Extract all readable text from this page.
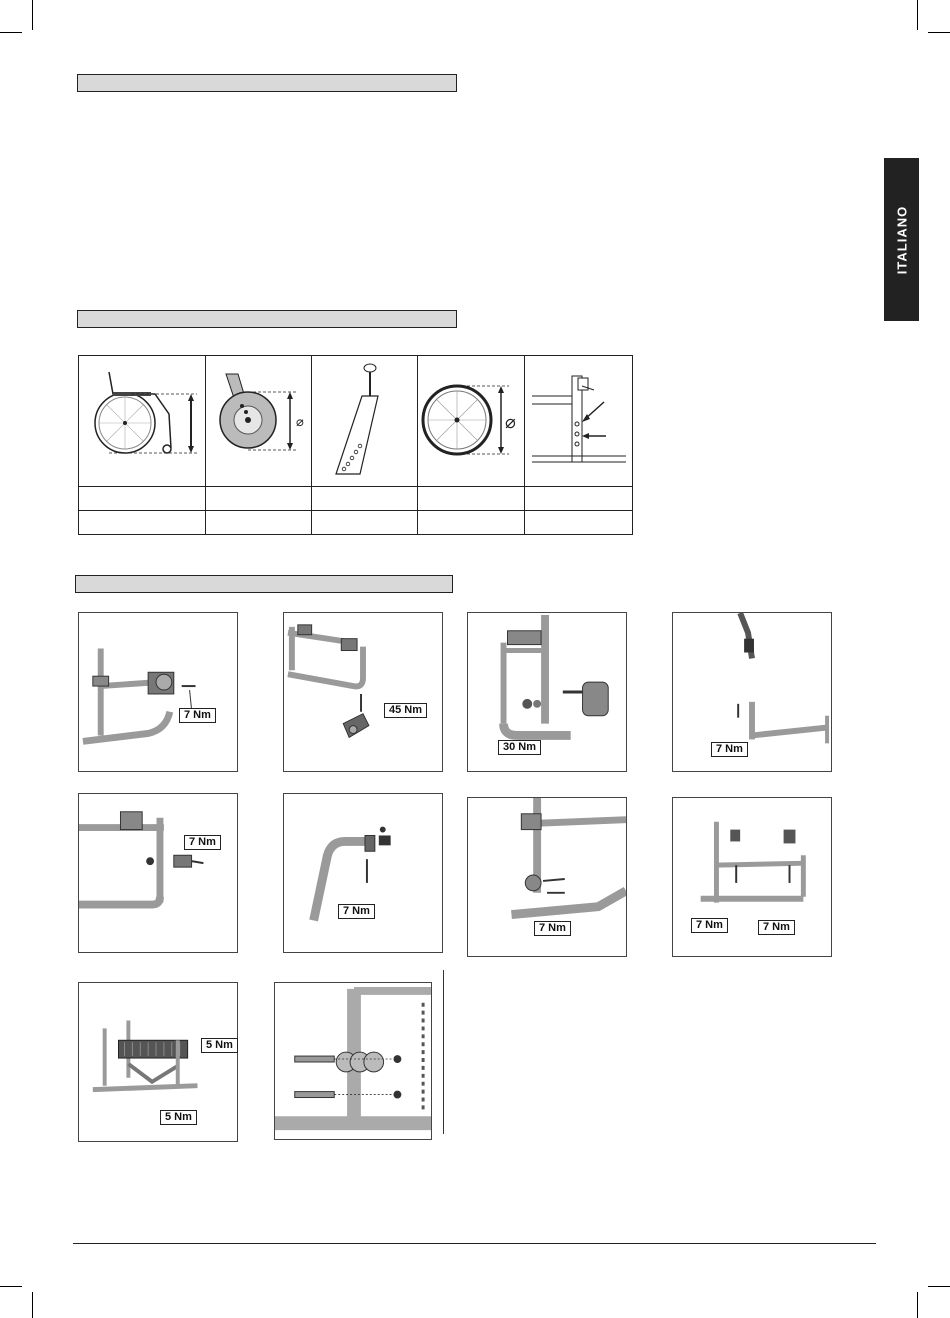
ITALIANO

⌀		⌀

7 Nm	45 Nm
30 Nm	7 Nm
7 Nm
7 Nm
7 Nm	7 Nm	7 Nm
5 Nm
5 Nm
